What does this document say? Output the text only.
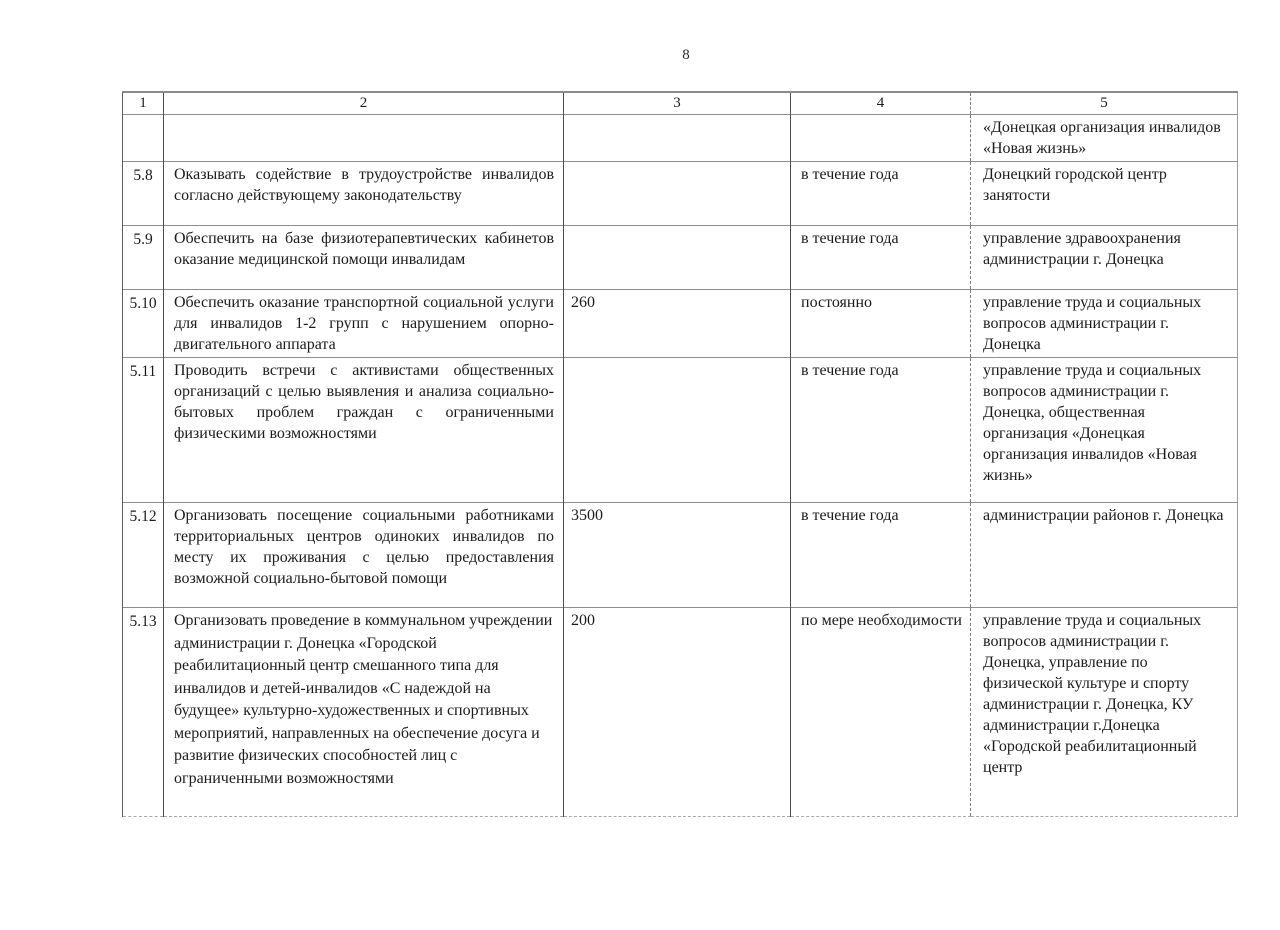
8
1	2	3	4	5
				«Донецкая организация инвалидов «Новая жизнь»
5.8	Оказывать содействие в трудоустройстве инвалидов согласно действующему законодательству		в течение года	Донецкий городской центр занятости
5.9	Обеспечить на базе физиотерапевтических кабинетов оказание медицинской помощи инвалидам		в течение года	управление здравоохранения администрации г. Донецка
5.10	Обеспечить оказание транспортной социальной услуги для инвалидов 1-2 групп с нарушением опорно-двигательного аппарата	260	постоянно	управление труда и социальных вопросов администрации г. Донецка
5.11	Проводить встречи с активистами общественных организаций с целью выявления и анализа социально-бытовых проблем граждан с ограниченными физическими возможностями		в течение года	управление труда и социальных вопросов администрации г. Донецка, общественная организация «Донецкая организация инвалидов «Новая жизнь»
5.12	Организовать посещение социальными работниками территориальных центров одиноких инвалидов по месту их проживания с целью предоставления возможной социально-бытовой помощи	3500	в течение года	администрации районов г. Донецка
5.13	Организовать проведение в коммунальном учреждении администрации г. Донецка «Городской реабилитационный центр смешанного типа для инвалидов и детей-инвалидов «С надеждой на будущее» культурно-художественных и спортивных мероприятий, направленных на обеспечение досуга и развитие физических способностей лиц с ограниченными возможностями	200	по мере необходимости	управление труда и социальных вопросов администрации г. Донецка, управление по физической культуре и спорту администрации г. Донецка, КУ администрации г.Донецка «Городской реабилитационный центр
